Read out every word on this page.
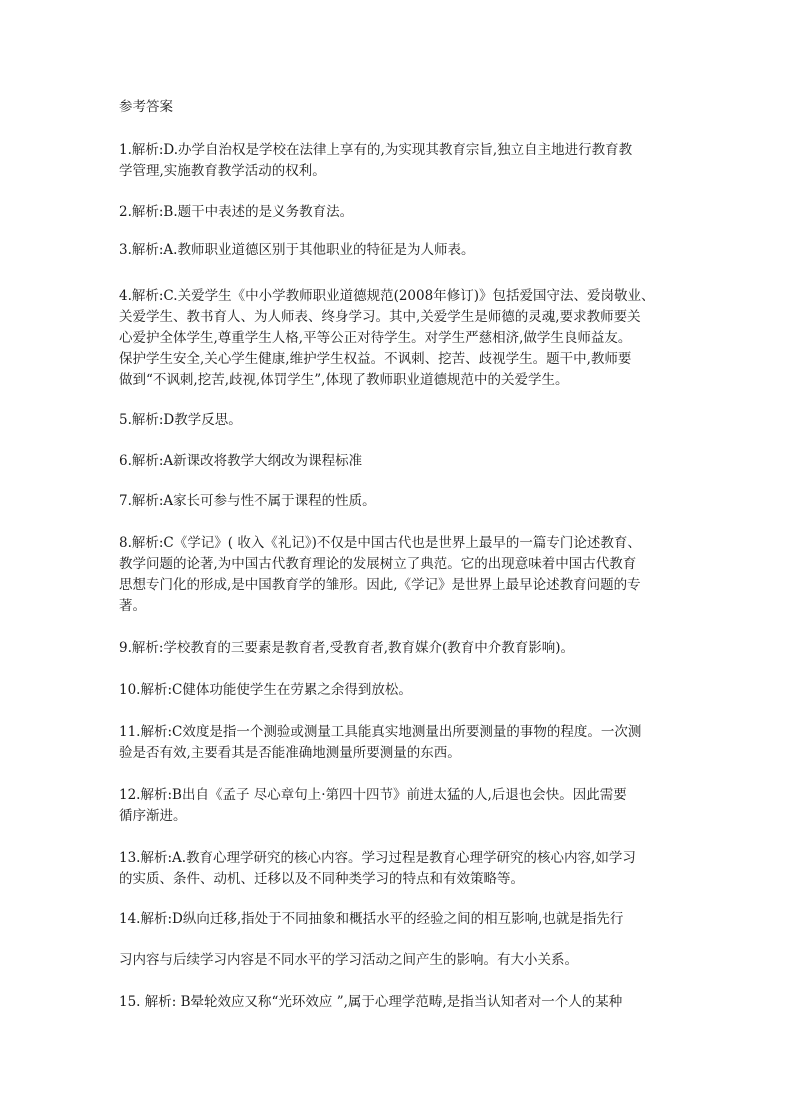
参考答案
1.解析:D.办学自治权是学校在法律上享有的,为实现其教育宗旨,独立自主地进行教育教
学管理,实施教育教学活动的权利。
2.解析:B.题干中表述的是义务教育法。
3.解析:A.教师职业道德区别于其他职业的特征是为人师表。
4.解析:C.关爱学生《中小学教师职业道德规范(2008年修订)》包括爱国守法、爱岗敬业、
关爱学生、教书育人、为人师表、终身学习。其中,关爱学生是师德的灵魂,要求教师要关
心爱护全体学生,尊重学生人格,平等公正对待学生。对学生严慈相济,做学生良师益友。
保护学生安全,关心学生健康,维护学生权益。不讽刺、挖苦、歧视学生。题干中,教师要
做到“不讽刺,挖苦,歧视,体罚学生”,体现了教师职业道德规范中的关爱学生。
5.解析:D教学反思。
6.解析:A新课改将教学大纲改为课程标准
7.解析:A家长可参与性不属于课程的性质。
8.解析:C《学记》( 收入《礼记》)不仅是中国古代也是世界上最早的一篇专门论述教育、
教学问题的论著,为中国古代教育理论的发展树立了典范。它的出现意味着中国古代教育
思想专门化的形成,是中国教育学的雏形。因此,《学记》是世界上最早论述教育问题的专
著。
9.解析:学校教育的三要素是教育者,受教育者,教育媒介(教育中介教育影响)。
10.解析:C健体功能使学生在劳累之余得到放松。
11.解析:C效度是指一个测验或测量工具能真实地测量出所要测量的事物的程度。一次测
验是否有效,主要看其是否能准确地测量所要测量的东西。
12.解析:B出自《孟子 尽心章句上·第四十四节》前进太猛的人,后退也会快。因此需要
循序渐进。
13.解析:A.教育心理学研究的核心内容。学习过程是教育心理学研究的核心内容,如学习
的实质、条件、动机、迁移以及不同种类学习的特点和有效策略等。
14.解析:D纵向迁移,指处于不同抽象和概括水平的经验之间的相互影响,也就是指先行
习内容与后续学习内容是不同水平的学习活动之间产生的影响。有大小关系。
15. 解析: B晕轮效应又称“光环效应 ”,属于心理学范畴,是指当认知者对一个人的某种
